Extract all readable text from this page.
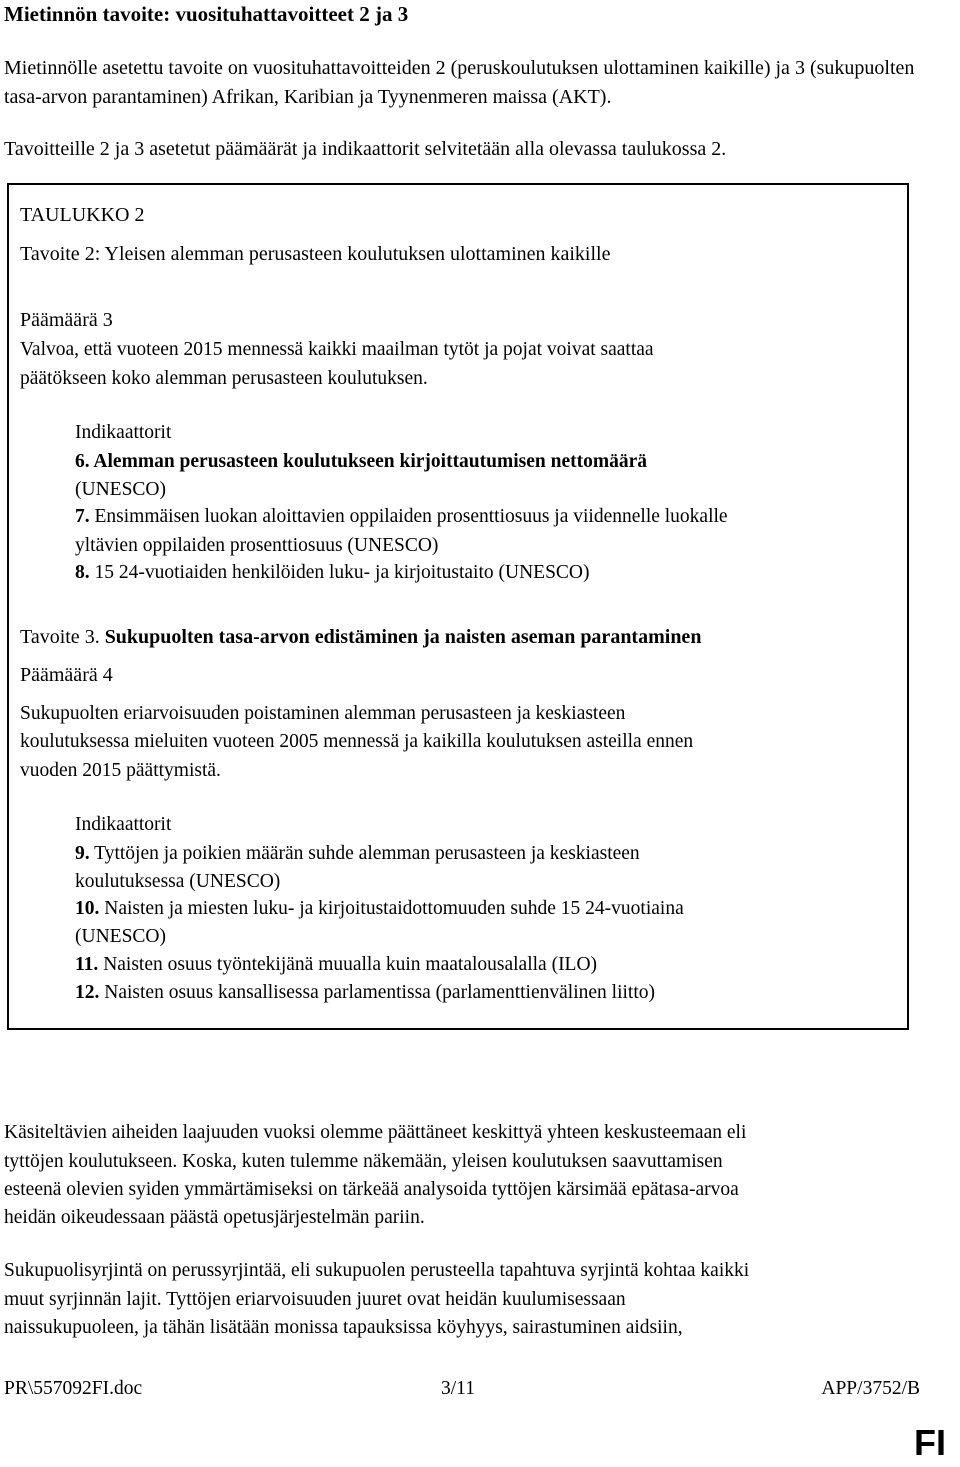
Mietinnön tavoite: vuosituhattavoitteet 2 ja 3
Mietinnölle asetettu tavoite on vuosituhattavoitteiden 2 (peruskoulutuksen ulottaminen kaikille) ja 3 (sukupuolten tasa-arvon parantaminen) Afrikan, Karibian ja Tyynenmeren maissa (AKT).
Tavoitteille 2 ja 3 asetetut päämäärät ja indikaattorit selvitetään alla olevassa taulukossa 2.
TAULUKKO 2
Tavoite 2: Yleisen alemman perusasteen koulutuksen ulottaminen kaikille
Päämäärä 3
Valvoa, että vuoteen 2015 mennessä kaikki maailman tytöt ja pojat voivat saattaa
päätökseen koko alemman perusasteen koulutuksen.
Indikaattorit
6. Alemman perusasteen koulutukseen kirjoittautumisen nettomäärä
(UNESCO)
7. Ensimmäisen luokan aloittavien oppilaiden prosenttiosuus ja viidennelle luokalle
yltävien oppilaiden prosenttiosuus (UNESCO)
8. 15 24-vuotiaiden henkilöiden luku- ja kirjoitustaito (UNESCO)
Tavoite 3. Sukupuolten tasa-arvon edistäminen ja naisten aseman parantaminen
Päämäärä 4
Sukupuolten eriarvoisuuden poistaminen alemman perusasteen ja keskiasteen
koulutuksessa mieluiten vuoteen 2005 mennessä ja kaikilla koulutuksen asteilla ennen
vuoden 2015 päättymistä.
Indikaattorit
9. Tyttöjen ja poikien määrän suhde alemman perusasteen ja keskiasteen
koulutuksessa (UNESCO)
10. Naisten ja miesten luku- ja kirjoitustaidottomuuden suhde 15 24-vuotiaina
(UNESCO)
11. Naisten osuus työntekijänä muualla kuin maatalousalalla (ILO)
12. Naisten osuus kansallisessa parlamentissa (parlamenttienvälinen liitto)
Käsiteltävien aiheiden laajuuden vuoksi olemme päättäneet keskittyä yhteen keskusteemaan eli
tyttöjen koulutukseen. Koska, kuten tulemme näkemään, yleisen koulutuksen saavuttamisen
esteenä olevien syiden ymmärtämiseksi on tärkeää analysoida tyttöjen kärsimää epätasa-arvoa
heidän oikeudessaan päästä opetusjärjestelmän pariin.
Sukupuolisyrjintä on perussyrjintää, eli sukupuolen perusteella tapahtuva syrjintä kohtaa kaikki
muut syrjinnän lajit. Tyttöjen eriarvoisuuden juuret ovat heidän kuulumisessaan
naissukupuoleen, ja tähän lisätään monissa tapauksissa köyhyys, sairastuminen aidsiin,
PR\557092FI.doc	3/11	APP/3752/B
FI
